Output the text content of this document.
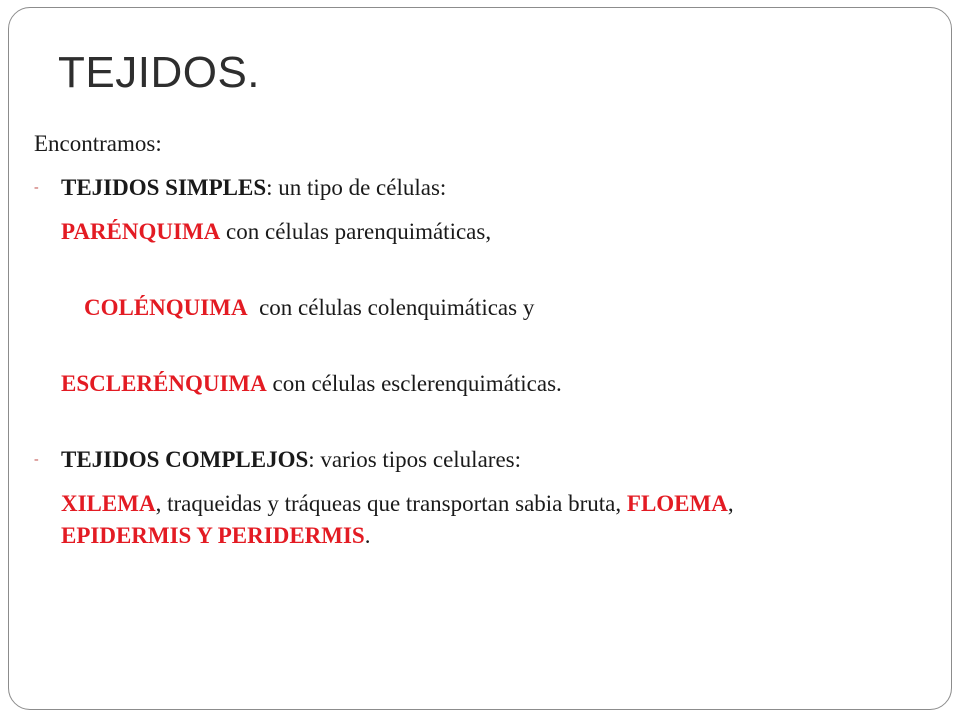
TEJIDOS.

Encontramos:

- TEJIDOS SIMPLES: un tipo de células:

PARÉNQUIMA con células parenquimáticas,

COLÉNQUIMA  con células colenquimáticas y

ESCLERÉNQUIMA con células esclerenquimáticas.

- TEJIDOS COMPLEJOS: varios tipos celulares:

XILEMA, traqueidas y tráqueas que transportan sabia bruta, FLOEMA,
EPIDERMIS Y PERIDERMIS.
